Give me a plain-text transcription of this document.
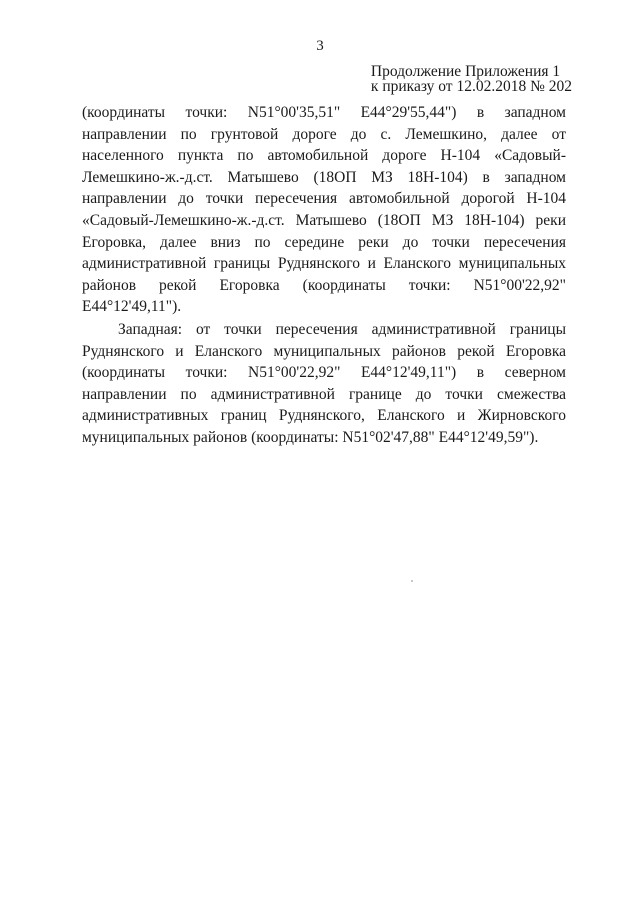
3
Продолжение Приложения 1
к приказу от 12.02.2018 № 202

(координаты точки: N51°00'35,51" E44°29'55,44") в западном направлении по грунтовой дороге до с. Лемешкино, далее от населенного пункта по автомобильной дороге Н-104 «Садовый-Лемешкино-ж.-д.ст. Матышево (18ОП МЗ 18Н-104) в западном направлении до точки пересечения автомобильной дорогой Н-104 «Садовый-Лемешкино-ж.-д.ст. Матышево (18ОП МЗ 18Н-104) реки Егоровка, далее вниз по середине реки до точки пересечения административной границы Руднянского и Еланского муниципальных районов рекой Егоровка (координаты точки: N51°00'22,92" E44°12'49,11").

Западная: от точки пересечения административной границы Руднянского и Еланского муниципальных районов рекой Егоровка (координаты точки: N51°00'22,92" E44°12'49,11") в северном направлении по административной границе до точки смежества административных границ Руднянского, Еланского и Жирновского муниципальных районов (координаты: N51°02'47,88" E44°12'49,59").
